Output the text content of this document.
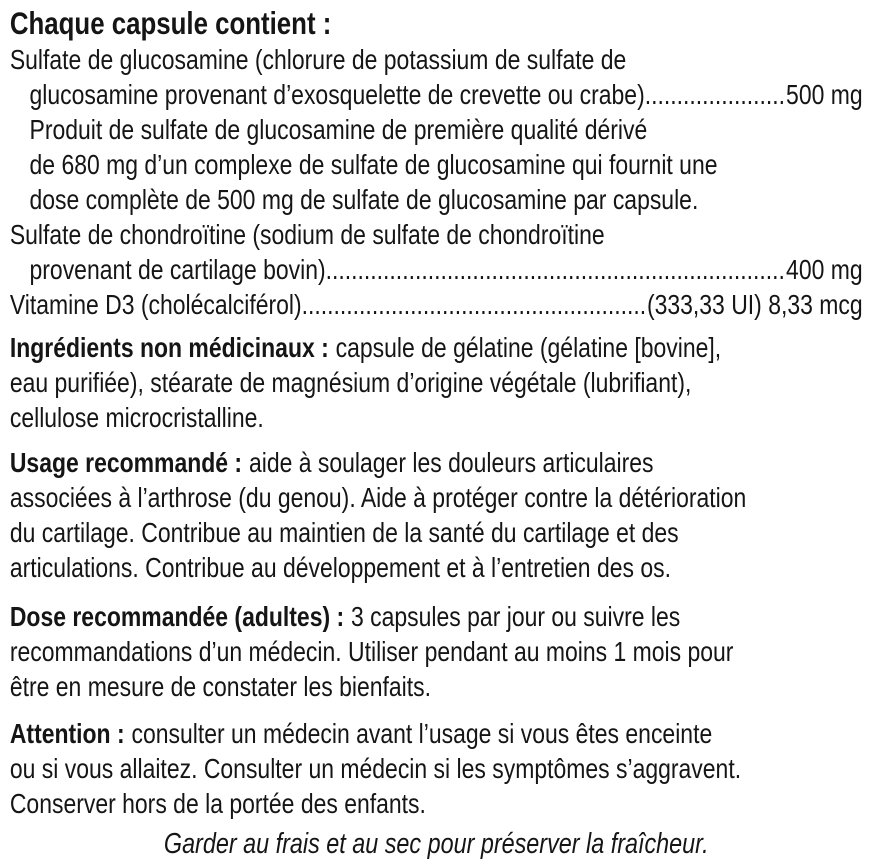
Chaque capsule contient :
Sulfate de glucosamine (chlorure de potassium de sulfate de
glucosamine provenant d’exosquelette de crevette ou crabe) .....	500 mg
Produit de sulfate de glucosamine de première qualité dérivé
de 680 mg d’un complexe de sulfate de glucosamine qui fournit une
dose complète de 500 mg de sulfate de glucosamine par capsule.
Sulfate de chondroïtine (sodium de sulfate de chondroïtine
provenant de cartilage bovin) .....	400 mg
Vitamine D3 (cholécalciférol) .....	(333,33 UI) 8,33 mcg
Ingrédients non médicinaux : capsule de gélatine (gélatine [bovine],
eau purifiée), stéarate de magnésium d’origine végétale (lubrifiant),
cellulose microcristalline.
Usage recommandé : aide à soulager les douleurs articulaires
associées à l’arthrose (du genou). Aide à protéger contre la détérioration
du cartilage. Contribue au maintien de la santé du cartilage et des
articulations. Contribue au développement et à l’entretien des os.
Dose recommandée (adultes) : 3 capsules par jour ou suivre les
recommandations d’un médecin. Utiliser pendant au moins 1 mois pour
être en mesure de constater les bienfaits.
Attention : consulter un médecin avant l’usage si vous êtes enceinte
ou si vous allaitez. Consulter un médecin si les symptômes s’aggravent.
Conserver hors de la portée des enfants.
Garder au frais et au sec pour préserver la fraîcheur.
